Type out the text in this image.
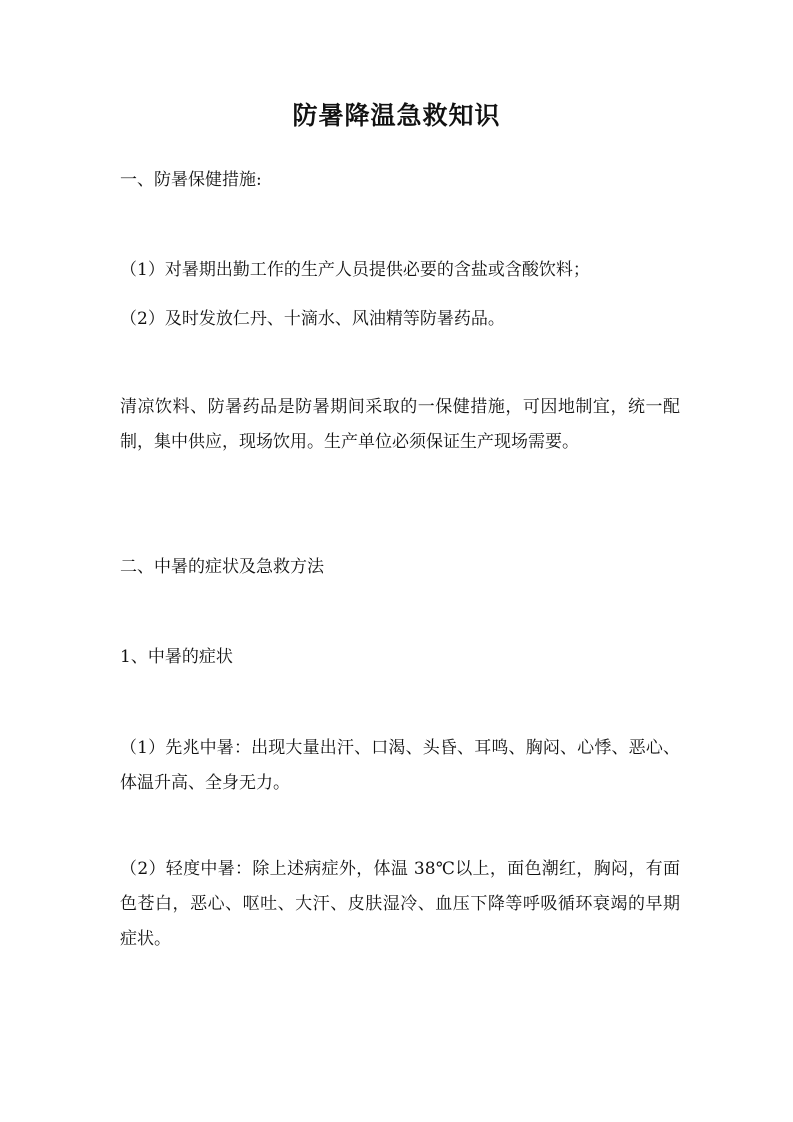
防暑降温急救知识
一、防暑保健措施:
（1）对暑期出勤工作的生产人员提供必要的含盐或含酸饮料；
（2）及时发放仁丹、十滴水、风油精等防暑药品。
清凉饮料、防暑药品是防暑期间采取的一保健措施，可因地制宜，统一配制，集中供应，现场饮用。生产单位必须保证生产现场需要。
二、中暑的症状及急救方法
1、中暑的症状
（1）先兆中暑：出现大量出汗、口渴、头昏、耳鸣、胸闷、心悸、恶心、体温升高、全身无力。
（2）轻度中暑：除上述病症外，体温 38℃以上，面色潮红，胸闷，有面色苍白，恶心、呕吐、大汗、皮肤湿冷、血压下降等呼吸循环衰竭的早期症状。
